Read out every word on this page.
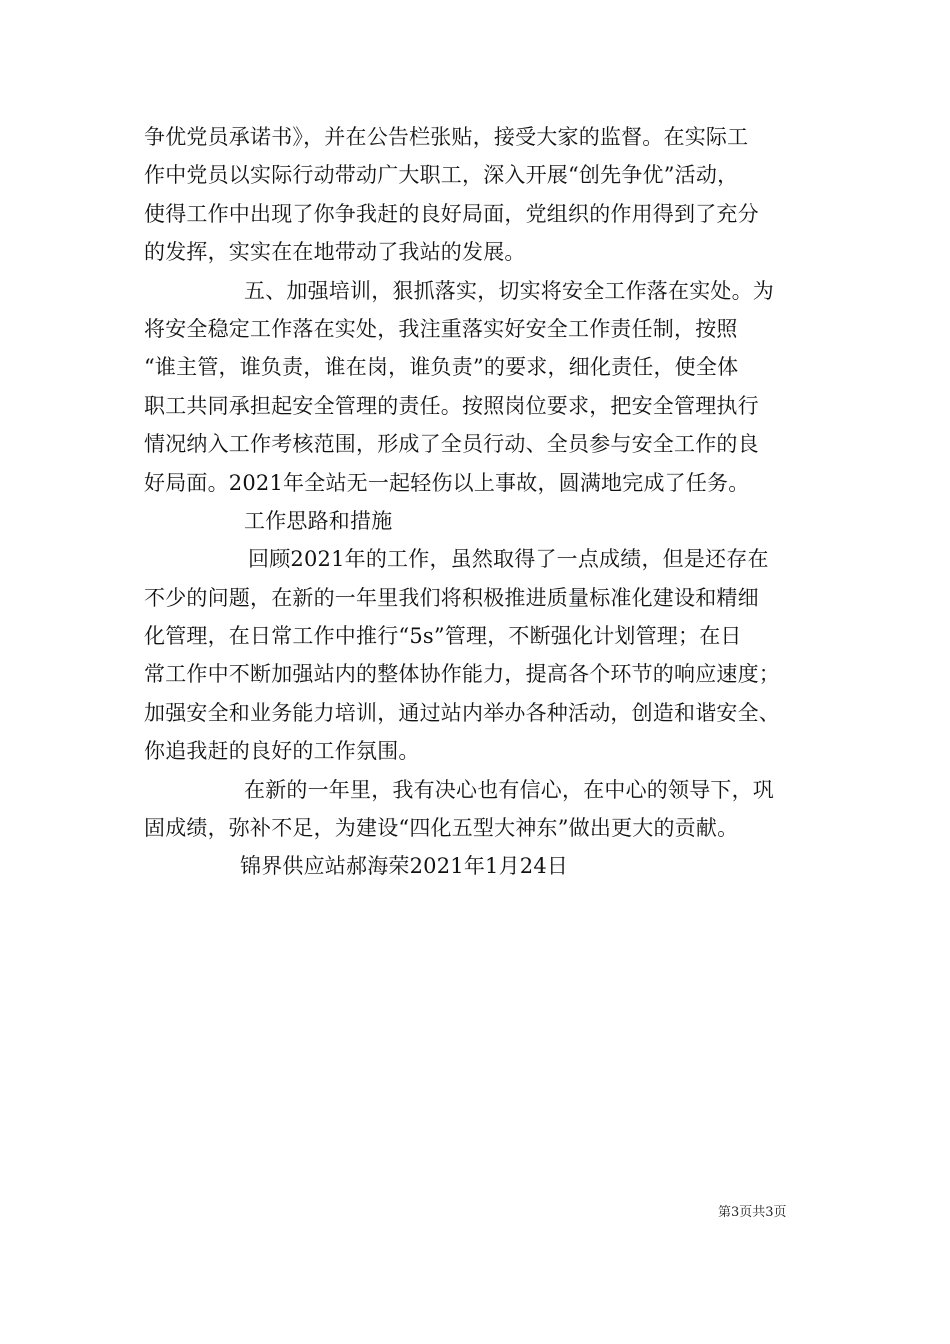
争优党员承诺书》，并在公告栏张贴，接受大家的监督。在实际工
作中党员以实际行动带动广大职工，深入开展“创先争优”活动，
使得工作中出现了你争我赶的良好局面，党组织的作用得到了充分
的发挥，实实在在地带动了我站的发展。
五、加强培训，狠抓落实，切实将安全工作落在实处。为
将安全稳定工作落在实处，我注重落实好安全工作责任制，按照
“谁主管，谁负责，谁在岗，谁负责”的要求，细化责任，使全体
职工共同承担起安全管理的责任。按照岗位要求，把安全管理执行
情况纳入工作考核范围，形成了全员行动、全员参与安全工作的良
好局面。2021年全站无一起轻伤以上事故，圆满地完成了任务。
工作思路和措施
回顾2021年的工作，虽然取得了一点成绩，但是还存在
不少的问题，在新的一年里我们将积极推进质量标准化建设和精细
化管理，在日常工作中推行“5s”管理，不断强化计划管理；在日
常工作中不断加强站内的整体协作能力，提高各个环节的响应速度；
加强安全和业务能力培训，通过站内举办各种活动，创造和谐安全、
你追我赶的良好的工作氛围。
在新的一年里，我有决心也有信心，在中心的领导下，巩
固成绩，弥补不足，为建设“四化五型大神东”做出更大的贡献。
锦界供应站郝海荣2021年1月24日
第3页共3页
